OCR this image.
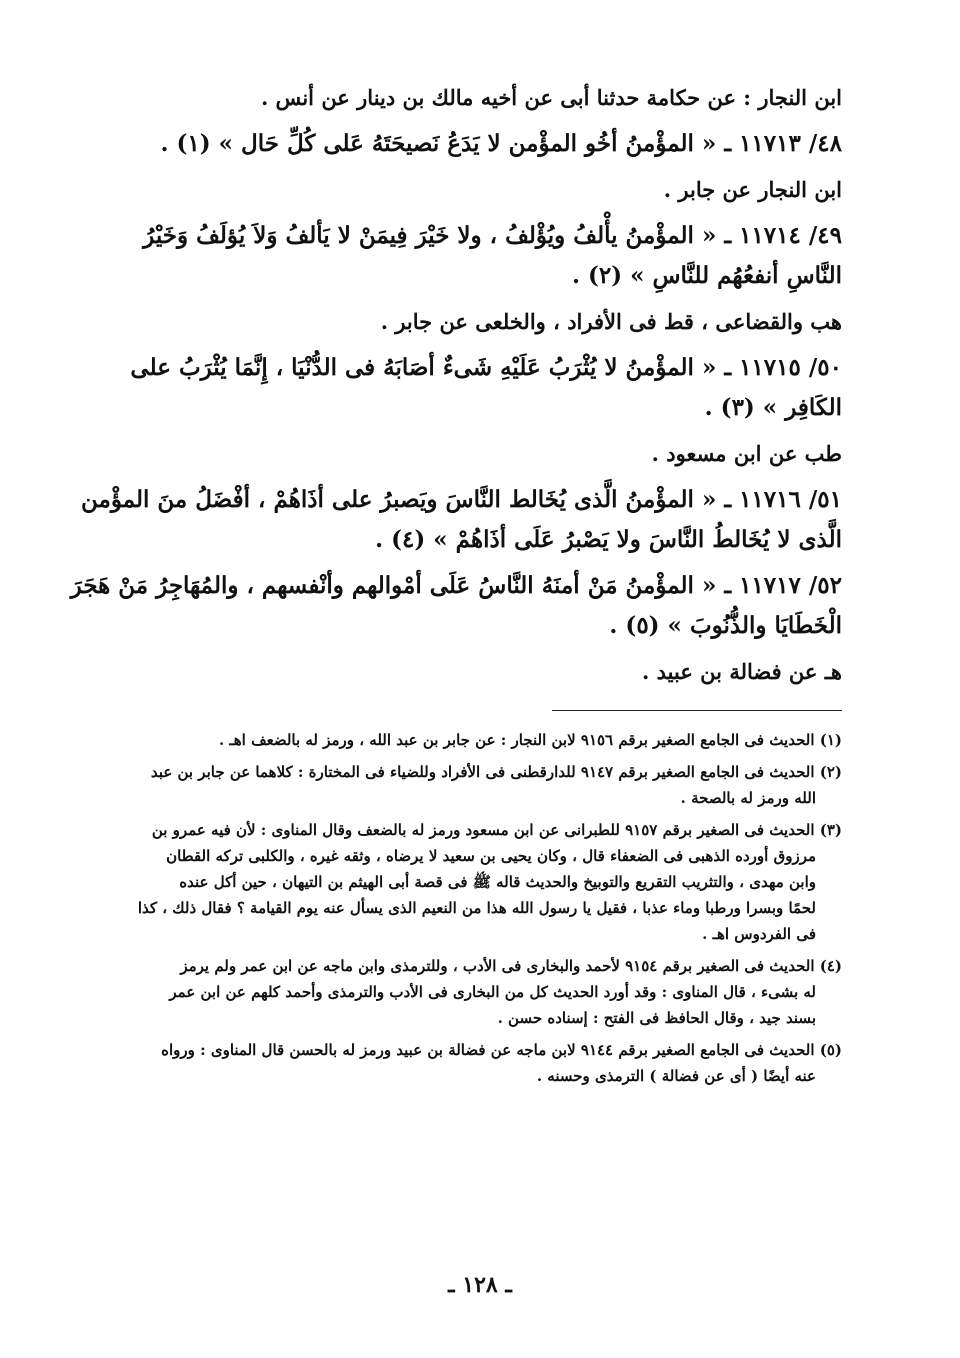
ابن النجار : عن حكامة حدثنا أبى عن أخيه مالك بن دينار عن أنس .
٤٨/ ١١٧١٣ ـ « المؤْمنُ أخُو المؤْمن لا يَدَعُ نَصيحَتَهُ عَلى كُلِّ حَال » (١) .
ابن النجار عن جابر .
٤٩/ ١١٧١٤ ـ « المؤْمنُ يأْلفُ ويُؤْلفُ ، ولا خَيْرَ فِيمَنْ لا يَألفُ وَلاَ يُؤلَفُ وَخَيْرُ
النَّاسِ أنفعُهُم للنَّاسِ » (٢) .
هب والقضاعى ، قط فى الأفراد ، والخلعى عن جابر .
٥٠/ ١١٧١٥ ـ « المؤْمنُ لا يُثْرَبُ عَلَيْهِ شَىءٌ أصَابَهُ فى الدُّنْيَا ، إِنَّمَا يُثْرَبُ على
الكَافِر » (٣) .
طب عن ابن مسعود .
٥١/ ١١٧١٦ ـ « المؤْمنُ الَّذى يُخَالط النَّاسَ ويَصبرُ على أذَاهُمْ ، أفْضَلُ منَ المؤْمن
الَّذى لا يُخَالطُ النَّاسَ ولا يَصْبرُ عَلَى أذَاهُمْ » (٤) .
٥٢/ ١١٧١٧ ـ « المؤْمنُ مَنْ أمنَهُ النَّاسُ عَلَى أمْوالهم وأنْفسهم ، والمُهَاجِرُ مَنْ هَجَرَ
الْخَطَايَا والذُّنُوبَ » (٥) .
هـ عن فضالة بن عبيد .
(١) الحديث فى الجامع الصغير برقم ٩١٥٦ لابن النجار : عن جابر بن عبد الله ، ورمز له بالضعف اهـ .
(٢) الحديث فى الجامع الصغير برقم ٩١٤٧ للدارقطنى فى الأفراد وللضياء فى المختارة : كلاهما عن جابر بن عبد
الله ورمز له بالصحة .
(٣) الحديث فى الصغير برقم ٩١٥٧ للطبرانى عن ابن مسعود ورمز له بالضعف وقال المناوى : لأن فيه عمرو بن
مرزوق أورده الذهبى فى الضعفاء قال ، وكان يحيى بن سعيد لا يرضاه ، وثقه غيره ، والكلبى تركه القطان
وابن مهدى ، والتثريب التقريع والتوبيخ والحديث قاله ﷺ فى قصة أبى الهيثم بن التيهان ، حين أكل عنده
لحمًا وبسرا ورطبا وماء عذبا ، فقيل يا رسول الله هذا من النعيم الذى يسأل عنه يوم القيامة ؟ فقال ذلك ، كذا
فى الفردوس اهـ .
(٤) الحديث فى الصغير برقم ٩١٥٤ لأحمد والبخارى فى الأدب ، وللترمذى وابن ماجه عن ابن عمر ولم يرمز
له بشىء ، قال المناوى : وقد أورد الحديث كل من البخارى فى الأدب والترمذى وأحمد كلهم عن ابن عمر
بسند جيد ، وقال الحافظ فى الفتح : إسناده حسن .
(٥) الحديث فى الجامع الصغير برقم ٩١٤٤ لابن ماجه عن فضالة بن عبيد ورمز له بالحسن قال المناوى : ورواه
عنه أيضًا ( أى عن فضالة ) الترمذى وحسنه .
ـ ١٢٨ ـ
